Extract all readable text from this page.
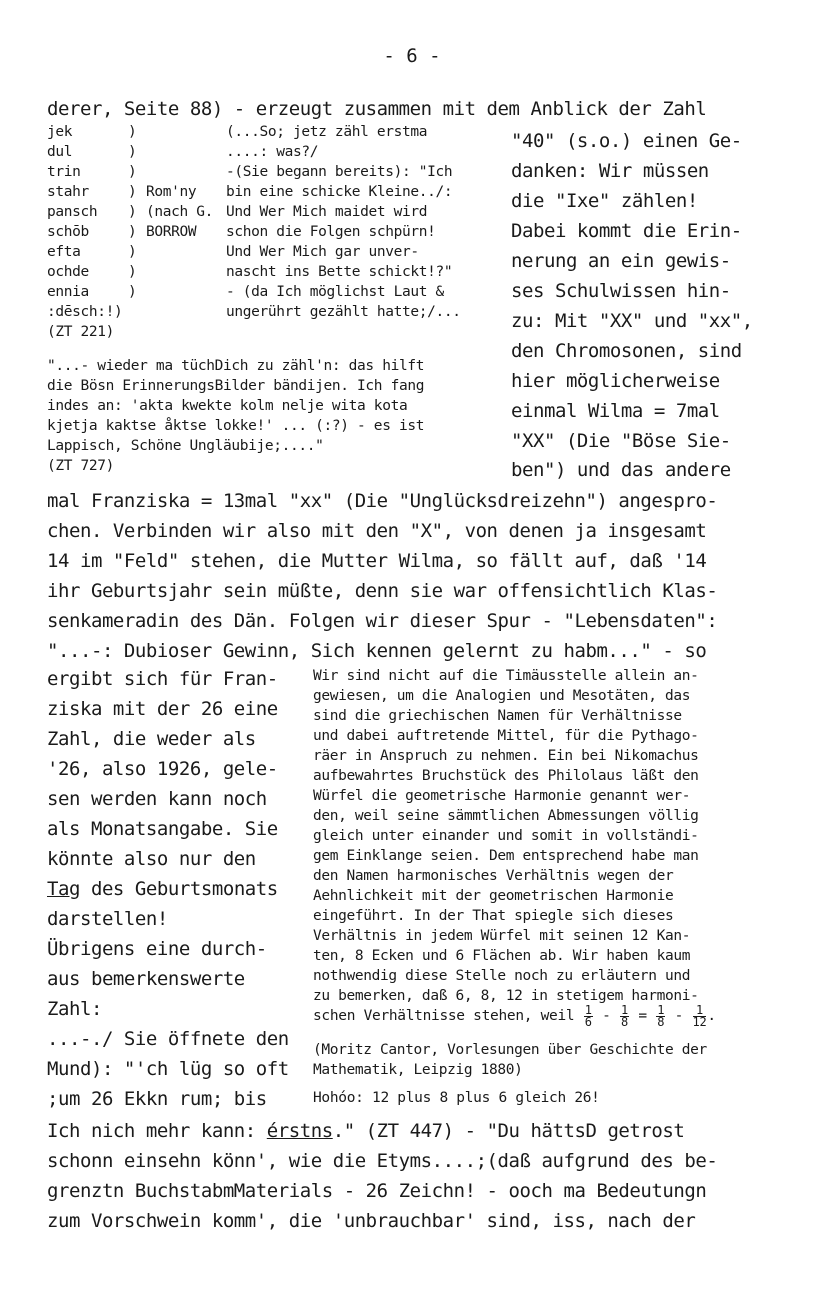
- 6 -
derer, Seite 88) - erzeugt zusammen mit dem Anblick der Zahl
jek
dul
trin
stahr
pansch
schōb
efta
ochde
ennia
:dēsch:!)
(ZT 221)
)
)
)
)
)
)
)
)
)

Rom'ny
(nach G.
BORROW
(...So; jetz zähl erstma
....: was?/
-(Sie begann bereits): "Ich
bin eine schicke Kleine../:
Und Wer Mich maidet wird
schon die Folgen schpürn!
Und Wer Mich gar unver-
nascht ins Bette schickt!?"
- (da Ich möglichst Laut &
ungerührt gezählt hatte;/...
"...- wieder ma tüchDich zu zähl'n: das hilft
die Bösn ErinnerungsBilder bändijen. Ich fang
indes an: 'akta kwekte kolm nelje wita kota
kjetja kaktse åktse lokke!' ... (:?) - es ist
Lappisch, Schöne Ungläubije;...."
(ZT 727)
"40" (s.o.) einen Ge-
danken: Wir müssen
die "Ixe" zählen!
Dabei kommt die Erin-
nerung an ein gewis-
ses Schulwissen hin-
zu: Mit "XX" und "xx",
den Chromosonen, sind
hier möglicherweise
einmal Wilma = 7mal
"XX" (Die "Böse Sie-
ben") und das andere
mal Franziska = 13mal "xx" (Die "Unglücksdreizehn") angespro-
chen. Verbinden wir also mit den "X", von denen ja insgesamt
14 im "Feld" stehen, die Mutter Wilma, so fällt auf, daß '14
ihr Geburtsjahr sein müßte, denn sie war offensichtlich Klas-
senkameradin des Dän. Folgen wir dieser Spur - "Lebensdaten":
"...-: Dubioser Gewinn, Sich kennen gelernt zu habm..." - so
ergibt sich für Fran-
ziska mit der 26 eine
Zahl, die weder als
'26, also 1926, gele-
sen werden kann noch
als Monatsangabe. Sie
könnte also nur den
Tag des Geburtsmonats
darstellen!
Übrigens eine durch-
aus bemerkenswerte
Zahl:
...-./ Sie öffnete den
Mund): "'ch lüg so oft
;um 26 Ekkn rum; bis
Wir sind nicht auf die Timäusstelle allein an-
gewiesen, um die Analogien und Mesotäten, das
sind die griechischen Namen für Verhältnisse
und dabei auftretende Mittel, für die Pythago-
räer in Anspruch zu nehmen. Ein bei Nikomachus
aufbewahrtes Bruchstück des Philolaus läßt den
Würfel die geometrische Harmonie genannt wer-
den, weil seine sämmtlichen Abmessungen völlig
gleich unter einander und somit in vollständi-
gem Einklange seien. Dem entsprechend habe man
den Namen harmonisches Verhältnis wegen der
Aehnlichkeit mit der geometrischen Harmonie
eingeführt. In der That spiegle sich dieses
Verhältnis in jedem Würfel mit seinen 12 Kan-
ten, 8 Ecken und 6 Flächen ab. Wir haben kaum
nothwendig diese Stelle noch zu erläutern und
zu bemerken, daß 6, 8, 12 in stetigem harmoni-
schen Verhältnisse stehen, weil $\frac{1}{6} - \frac{1}{8} = \frac{1}{8} - \frac{1}{12}$ .
(Moritz Cantor, Vorlesungen über Geschichte der
Mathematik, Leipzig 1880)
Hohóo: 12 plus 8 plus 6 gleich 26!
Ich nich mehr kann: érstns." (ZT 447) - "Du hättsD getrost
schonn einsehn könn', wie die Etyms....;(daß aufgrund des be-
grenztn BuchstabmMaterials - 26 Zeichn! - ooch ma Bedeutungn
zum Vorschwein komm', die 'unbrauchbar' sind, iss, nach der
